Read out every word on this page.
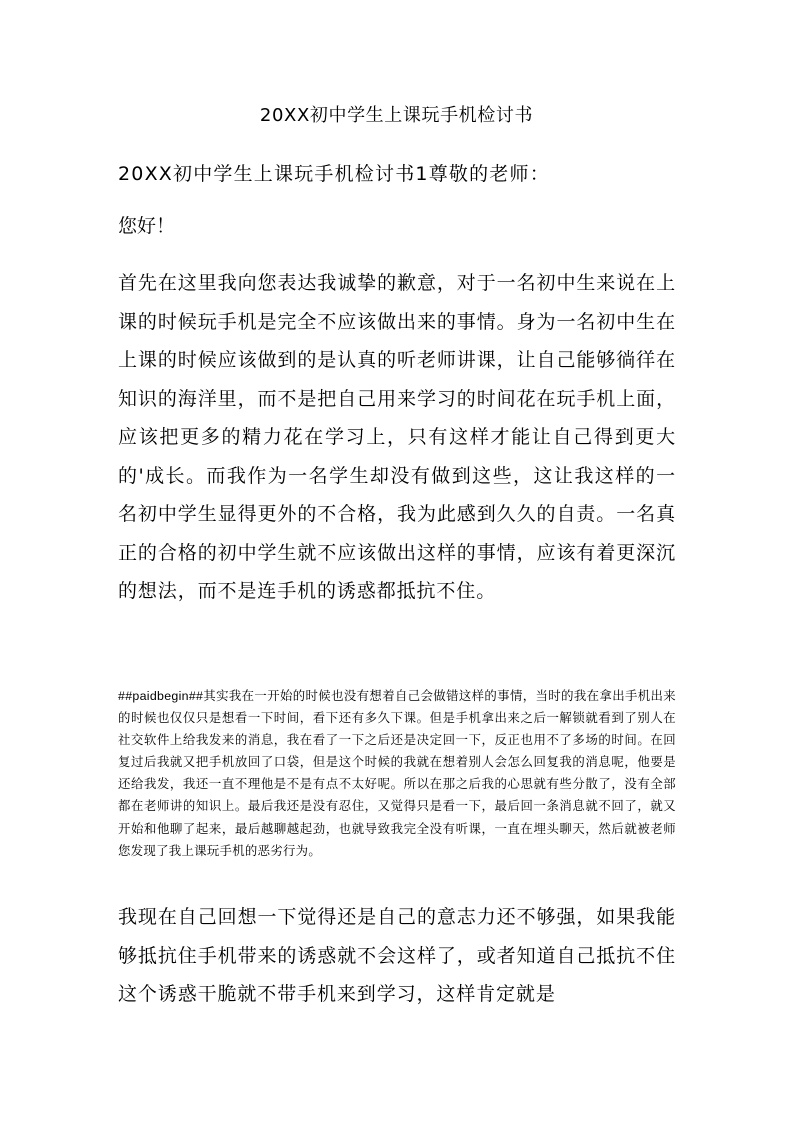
20XX初中学生上课玩手机检讨书
20XX初中学生上课玩手机检讨书1尊敬的老师：
您好！

首先在这里我向您表达我诚挚的歉意，对于一名初中生来说在上课的时候玩手机是完全不应该做出来的事情。身为一名初中生在上课的时候应该做到的是认真的听老师讲课，让自己能够徜徉在知识的海洋里，而不是把自己用来学习的时间花在玩手机上面，应该把更多的精力花在学习上，只有这样才能让自己得到更大的'成长。而我作为一名学生却没有做到这些，这让我这样的一名初中学生显得更外的不合格，我为此感到久久的自责。一名真正的合格的初中学生就不应该做出这样的事情，应该有着更深沉的想法，而不是连手机的诱惑都抵抗不住。

##paidbegin##其实我在一开始的时候也没有想着自己会做错这样的事情，当时的我在拿出手机出来的时候也仅仅只是想看一下时间，看下还有多久下课。但是手机拿出来之后一解锁就看到了别人在社交软件上给我发来的消息，我在看了一下之后还是决定回一下，反正也用不了多场的时间。在回复过后我就又把手机放回了口袋，但是这个时候的我就在想着别人会怎么回复我的消息呢，他要是还给我发，我还一直不理他是不是有点不太好呢。所以在那之后我的心思就有些分散了，没有全部都在老师讲的知识上。最后我还是没有忍住，又觉得只是看一下，最后回一条消息就不回了，就又开始和他聊了起来，最后越聊越起劲，也就导致我完全没有听课，一直在埋头聊天，然后就被老师您发现了我上课玩手机的恶劣行为。

我现在自己回想一下觉得还是自己的意志力还不够强，如果我能够抵抗住手机带来的诱惑就不会这样了，或者知道自己抵抗不住这个诱惑干脆就不带手机来到学习，这样肯定就是
